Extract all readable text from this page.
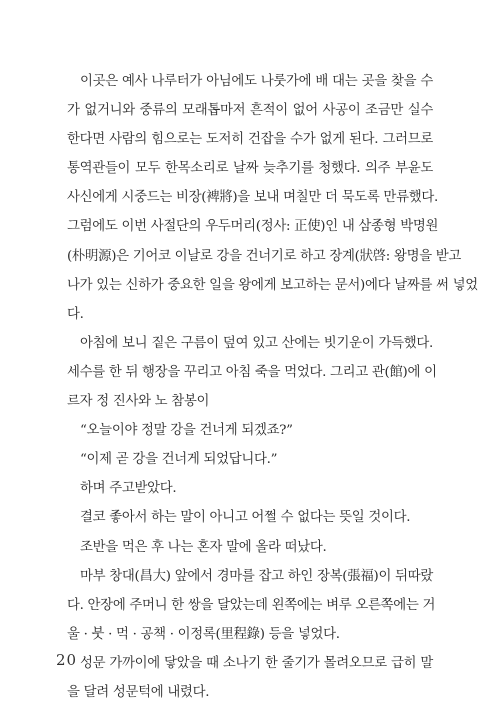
이곳은 예사 나루터가 아님에도 나룻가에 배 대는 곳을 찾을 수
가 없거니와 중류의 모래톱마저 흔적이 없어 사공이 조금만 실수
한다면 사람의 힘으로는 도저히 건잡을 수가 없게 된다. 그러므로
통역관들이 모두 한목소리로 날짜 늦추기를 청했다. 의주 부윤도
사신에게 시중드는 비장(裨將)을 보내 며칠만 더 묵도록 만류했다.
그럼에도 이번 사절단의 우두머리(정사: 正使)인 내 삼종형 박명원
(朴明源)은 기어코 이날로 강을 건너기로 하고 장계(狀啓: 왕명을 받고
나가 있는 신하가 중요한 일을 왕에게 보고하는 문서)에다 날짜를 써 넣었
다.
아침에 보니 짙은 구름이 덮여 있고 산에는 빗기운이 가득했다.
세수를 한 뒤 행장을 꾸리고 아침 죽을 먹었다. 그리고 관(館)에 이
르자 정 진사와 노 참봉이
“오늘이야 정말 강을 건너게 되겠죠?”
“이제 곧 강을 건너게 되었답니다.”
하며 주고받았다.
결코 좋아서 하는 말이 아니고 어쩔 수 없다는 뜻일 것이다.
조반을 먹은 후 나는 혼자 말에 올라 떠났다.
마부 창대(昌大) 앞에서 경마를 잡고 하인 장복(張福)이 뒤따랐
다. 안장에 주머니 한 쌍을 달았는데 왼쪽에는 벼루 오른쪽에는 거
울 · 붓 · 먹 · 공책 · 이정록(里程錄) 등을 넣었다.
성문 가까이에 닿았을 때 소나기 한 줄기가 몰려오므로 급히 말
을 달려 성문턱에 내렸다.
20
